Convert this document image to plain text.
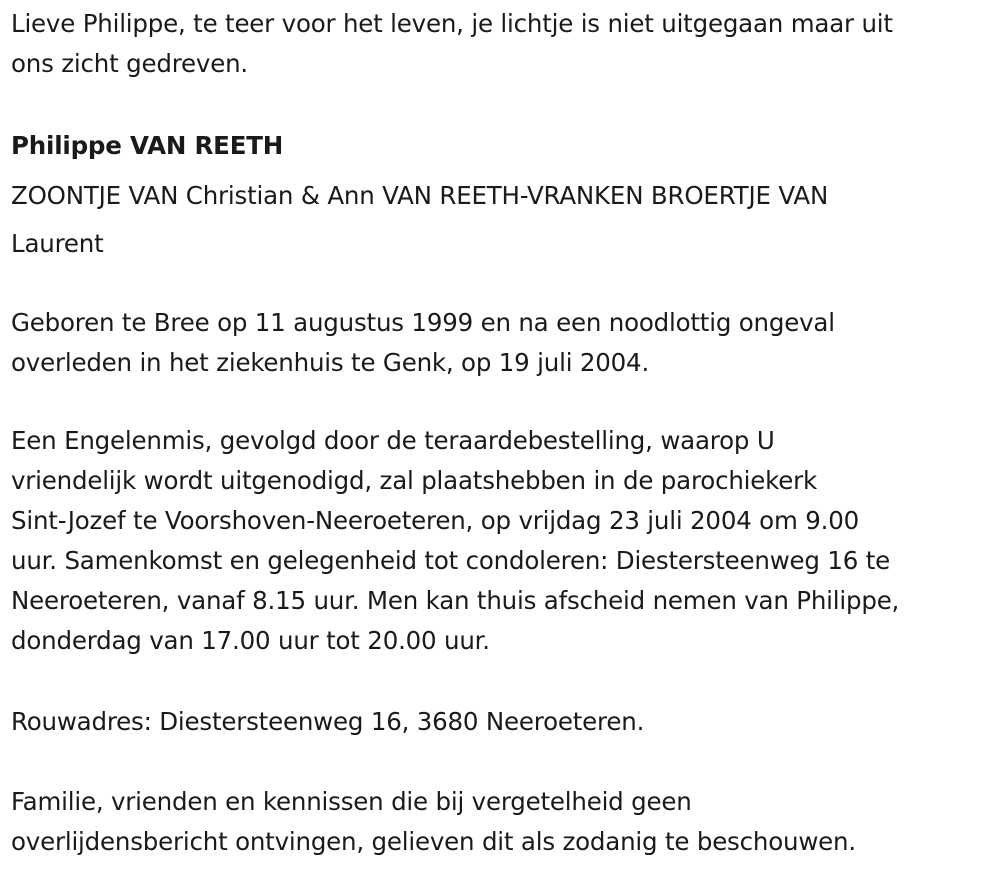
Lieve Philippe, te teer voor het leven, je lichtje is niet uitgegaan maar uit
ons zicht gedreven.

Philippe VAN REETH

ZOONTJE VAN Christian & Ann VAN REETH-VRANKEN BROERTJE VAN
Laurent

Geboren te Bree op 11 augustus 1999 en na een noodlottig ongeval
overleden in het ziekenhuis te Genk, op 19 juli 2004.

Een Engelenmis, gevolgd door de teraardebestelling, waarop U
vriendelijk wordt uitgenodigd, zal plaatshebben in de parochiekerk
Sint-Jozef te Voorshoven-Neeroeteren, op vrijdag 23 juli 2004 om 9.00
uur. Samenkomst en gelegenheid tot condoleren: Diestersteenweg 16 te
Neeroeteren, vanaf 8.15 uur. Men kan thuis afscheid nemen van Philippe,
donderdag van 17.00 uur tot 20.00 uur.

Rouwadres: Diestersteenweg 16, 3680 Neeroeteren.

Familie, vrienden en kennissen die bij vergetelheid geen
overlijdensbericht ontvingen, gelieven dit als zodanig te beschouwen.
